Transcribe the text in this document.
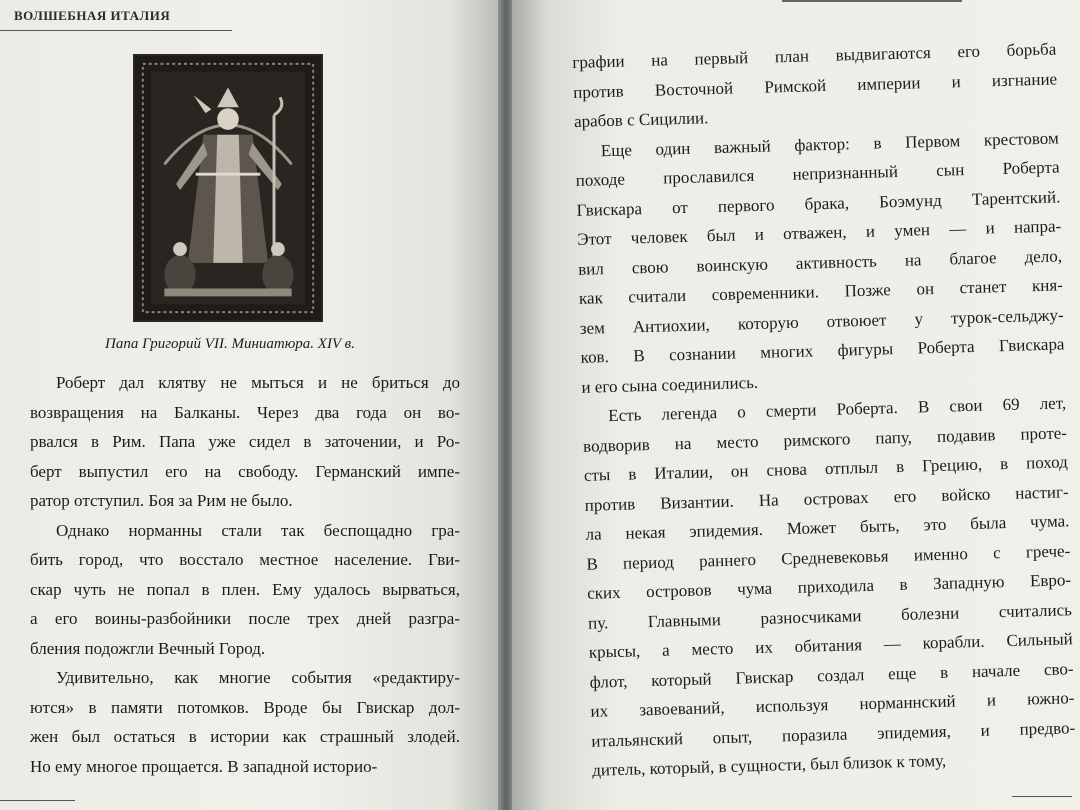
ВОЛШЕБНАЯ ИТАЛИЯ
Папа Григорий VII. Миниатюра. XIV в.
Роберт дал клятву не мыться и не бриться до
возвращения на Балканы. Через два года он во-
рвался в Рим. Папа уже сидел в заточении, и Ро-
берт выпустил его на свободу. Германский импе-
ратор отступил. Боя за Рим не было.
Однако норманны стали так беспощадно гра-
бить город, что восстало местное население. Гви-
скар чуть не попал в плен. Ему удалось вырваться,
а его воины-разбойники после трех дней разгра-
бления подожгли Вечный Город.
Удивительно, как многие события «редактиру-
ются» в памяти потомков. Вроде бы Гвискар дол-
жен был остаться в истории как страшный злодей.
Но ему многое прощается. В западной историо-
графии на первый план выдвигаются его борьба
против Восточной Римской империи и изгнание
арабов с Сицилии.
Еще один важный фактор: в Первом крестовом
походе прославился непризнанный сын Роберта
Гвискара от первого брака, Боэмунд Тарентский.
Этот человек был и отважен, и умен — и напра-
вил свою воинскую активность на благое дело,
как считали современники. Позже он станет кня-
зем Антиохии, которую отвоюет у турок-сельджу-
ков. В сознании многих фигуры Роберта Гвискара
и его сына соединились.
Есть легенда о смерти Роберта. В свои 69 лет,
водворив на место римского папу, подавив проте-
сты в Италии, он снова отплыл в Грецию, в поход
против Византии. На островах его войско настиг-
ла некая эпидемия. Может быть, это была чума.
В период раннего Средневековья именно с грече-
ских островов чума приходила в Западную Евро-
пу. Главными разносчиками болезни считались
крысы, а место их обитания — корабли. Сильный
флот, который Гвискар создал еще в начале сво-
их завоеваний, используя норманнский и южно-
итальянский опыт, поразила эпидемия, и предво-
дитель, который, в сущности, был близок к тому,
